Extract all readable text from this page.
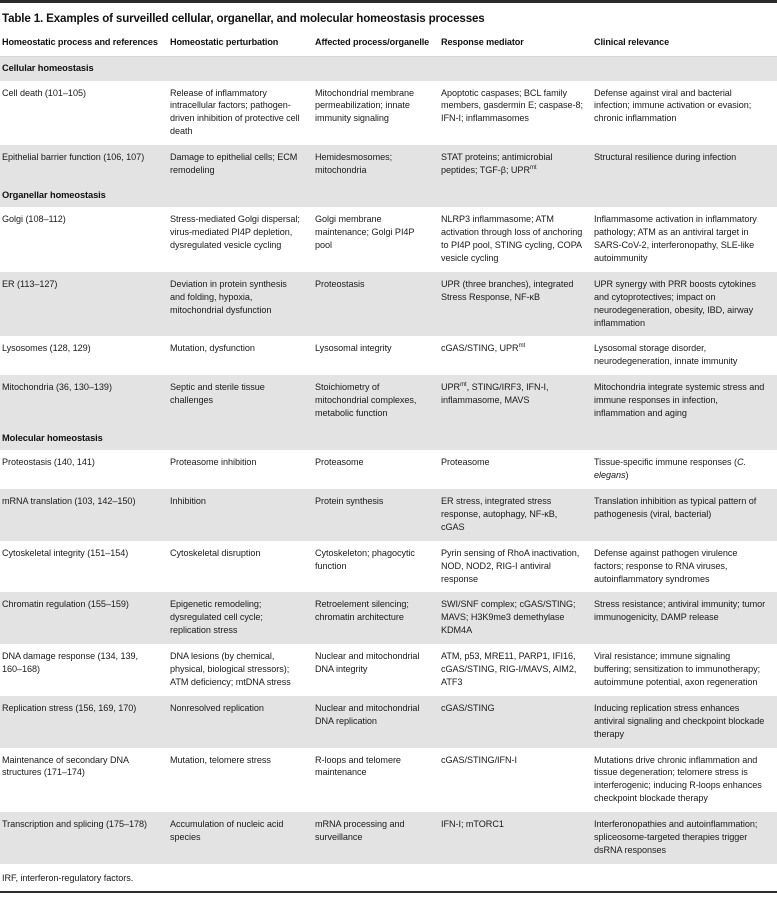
Table 1. Examples of surveilled cellular, organellar, and molecular homeostasis processes
Homeostatic process and references	Homeostatic perturbation	Affected process/organelle	Response mediator	Clinical relevance
Cellular homeostasis				
Cell death (101–105)	Release of inflammatory intracellular factors; pathogen-driven inhibition of protective cell death	Mitochondrial membrane permeabilization; innate immunity signaling	Apoptotic caspases; BCL family members, gasdermin E; caspase-8; IFN-I; inflammasomes	Defense against viral and bacterial infection; immune activation or evasion; chronic inflammation
Epithelial barrier function (106, 107)	Damage to epithelial cells; ECM remodeling	Hemidesmosomes; mitochondria	STAT proteins; antimicrobial peptides; TGF-β; $UPR^{mt}$	Structural resilience during infection
Organellar homeostasis				
Golgi (108–112)	Stress-mediated Golgi dispersal; virus-mediated PI4P depletion, dysregulated vesicle cycling	Golgi membrane maintenance; Golgi PI4P pool	NLRP3 inflammasome; ATM activation through loss of anchoring to PI4P pool, STING cycling, COPA vesicle cycling	Inflammasome activation in inflammatory pathology; ATM as an antiviral target in SARS-CoV-2, interferonopathy, SLE-like autoimmunity
ER (113–127)	Deviation in protein synthesis and folding, hypoxia, mitochondrial dysfunction	Proteostasis	UPR (three branches), integrated Stress Response, NF-κB	UPR synergy with PRR boosts cytokines and cytoprotectives; impact on neurodegeneration, obesity, IBD, airway inflammation
Lysosomes (128, 129)	Mutation, dysfunction	Lysosomal integrity	cGAS/STING, $UPR^{mt}$	Lysosomal storage disorder, neurodegeneration, innate immunity
Mitochondria (36, 130–139)	Septic and sterile tissue challenges	Stoichiometry of mitochondrial complexes, metabolic function	$UPR^{mt}$, STING/IRF3, IFN-I, inflammasome, MAVS	Mitochondria integrate systemic stress and immune responses in infection, inflammation and aging
Molecular homeostasis				
Proteostasis (140, 141)	Proteasome inhibition	Proteasome	Proteasome	Tissue-specific immune responses (C. elegans)
mRNA translation (103, 142–150)	Inhibition	Protein synthesis	ER stress, integrated stress response, autophagy, NF-κB, cGAS	Translation inhibition as typical pattern of pathogenesis (viral, bacterial)
Cytoskeletal integrity (151–154)	Cytoskeletal disruption	Cytoskeleton; phagocytic function	Pyrin sensing of RhoA inactivation, NOD, NOD2, RIG-I antiviral response	Defense against pathogen virulence factors; response to RNA viruses, autoinflammatory syndromes
Chromatin regulation (155–159)	Epigenetic remodeling; dysregulated cell cycle; replication stress	Retroelement silencing; chromatin architecture	SWI/SNF complex; cGAS/STING; MAVS; H3K9me3 demethylase KDM4A	Stress resistance; antiviral immunity; tumor immunogenicity, DAMP release
DNA damage response (134, 139, 160–168)	DNA lesions (by chemical, physical, biological stressors); ATM deficiency; mtDNA stress	Nuclear and mitochondrial DNA integrity	ATM, p53, MRE11, PARP1, IFI16, cGAS/STING, RIG-I/MAVS, AIM2, ATF3	Viral resistance; immune signaling buffering; sensitization to immunotherapy; autoimmune potential, axon regeneration
Replication stress (156, 169, 170)	Nonresolved replication	Nuclear and mitochondrial DNA replication	cGAS/STING	Inducing replication stress enhances antiviral signaling and checkpoint blockade therapy
Maintenance of secondary DNA structures (171–174)	Mutation, telomere stress	R-loops and telomere maintenance	cGAS/STING/IFN-I	Mutations drive chronic inflammation and tissue degeneration; telomere stress is interferogenic; inducing R-loops enhances checkpoint blockade therapy
Transcription and splicing (175–178)	Accumulation of nucleic acid species	mRNA processing and surveillance	IFN-I; mTORC1	Interferonopathies and autoinflammation; spliceosome-targeted therapies trigger dsRNA responses
IRF, interferon-regulatory factors.
